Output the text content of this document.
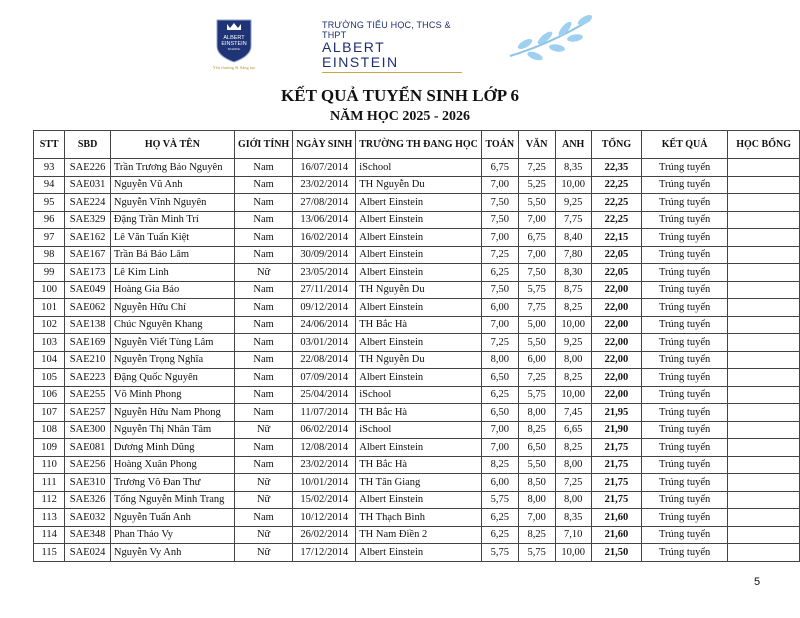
ALBERT
EINSTEIN
SCHOOL
Yêu thương & Sáng tạo
TRƯỜNG TIỂU HỌC, THCS & THPT
ALBERT EINSTEIN
KẾT QUẢ TUYỂN SINH LỚP 6
NĂM HỌC 2025 - 2026
STT	SBD	HỌ VÀ TÊN	GIỚI TÍNH	NGÀY SINH	TRƯỜNG TH ĐANG HỌC	TOÁN	VĂN	ANH	TỔNG	KẾT QUẢ	HỌC BỔNG
93	SAE226	Trần Trương Bảo Nguyên	Nam	16/07/2014	iSchool	6,75	7,25	8,35	22,35	Trúng tuyển	
94	SAE031	Nguyễn Vũ Anh	Nam	23/02/2014	TH Nguyễn Du	7,00	5,25	10,00	22,25	Trúng tuyển	
95	SAE224	Nguyễn Vĩnh Nguyên	Nam	27/08/2014	Albert Einstein	7,50	5,50	9,25	22,25	Trúng tuyển	
96	SAE329	Đặng Trần Minh Trí	Nam	13/06/2014	Albert Einstein	7,50	7,00	7,75	22,25	Trúng tuyển	
97	SAE162	Lê Văn Tuấn Kiệt	Nam	16/02/2014	Albert Einstein	7,00	6,75	8,40	22,15	Trúng tuyển	
98	SAE167	Trần Bá Bảo Lâm	Nam	30/09/2014	Albert Einstein	7,25	7,00	7,80	22,05	Trúng tuyển	
99	SAE173	Lê Kim Linh	Nữ	23/05/2014	Albert Einstein	6,25	7,50	8,30	22,05	Trúng tuyển	
100	SAE049	Hoàng Gia Bảo	Nam	27/11/2014	TH Nguyễn Du	7,50	5,75	8,75	22,00	Trúng tuyển	
101	SAE062	Nguyễn Hữu Chí	Nam	09/12/2014	Albert Einstein	6,00	7,75	8,25	22,00	Trúng tuyển	
102	SAE138	Chúc Nguyên Khang	Nam	24/06/2014	TH Bắc Hà	7,00	5,00	10,00	22,00	Trúng tuyển	
103	SAE169	Nguyễn Viết Tùng Lâm	Nam	03/01/2014	Albert Einstein	7,25	5,50	9,25	22,00	Trúng tuyển	
104	SAE210	Nguyễn Trọng Nghĩa	Nam	22/08/2014	TH Nguyễn Du	8,00	6,00	8,00	22,00	Trúng tuyển	
105	SAE223	Đặng Quốc Nguyên	Nam	07/09/2014	Albert Einstein	6,50	7,25	8,25	22,00	Trúng tuyển	
106	SAE255	Võ Minh Phong	Nam	25/04/2014	iSchool	6,25	5,75	10,00	22,00	Trúng tuyển	
107	SAE257	Nguyễn Hữu Nam Phong	Nam	11/07/2014	TH Bắc Hà	6,50	8,00	7,45	21,95	Trúng tuyển	
108	SAE300	Nguyễn Thị Nhân Tâm	Nữ	06/02/2014	iSchool	7,00	8,25	6,65	21,90	Trúng tuyển	
109	SAE081	Dương Minh Dũng	Nam	12/08/2014	Albert Einstein	7,00	6,50	8,25	21,75	Trúng tuyển	
110	SAE256	Hoàng Xuân Phong	Nam	23/02/2014	TH Bắc Hà	8,25	5,50	8,00	21,75	Trúng tuyển	
111	SAE310	Trương Võ Đan Thư	Nữ	10/01/2014	TH Tân Giang	6,00	8,50	7,25	21,75	Trúng tuyển	
112	SAE326	Tống Nguyễn Minh Trang	Nữ	15/02/2014	Albert Einstein	5,75	8,00	8,00	21,75	Trúng tuyển	
113	SAE032	Nguyễn Tuấn Anh	Nam	10/12/2014	TH Thạch Bình	6,25	7,00	8,35	21,60	Trúng tuyển	
114	SAE348	Phan Thảo Vy	Nữ	26/02/2014	TH Nam Điền 2	6,25	8,25	7,10	21,60	Trúng tuyển	
115	SAE024	Nguyễn Vy Anh	Nữ	17/12/2014	Albert Einstein	5,75	5,75	10,00	21,50	Trúng tuyển	
5
